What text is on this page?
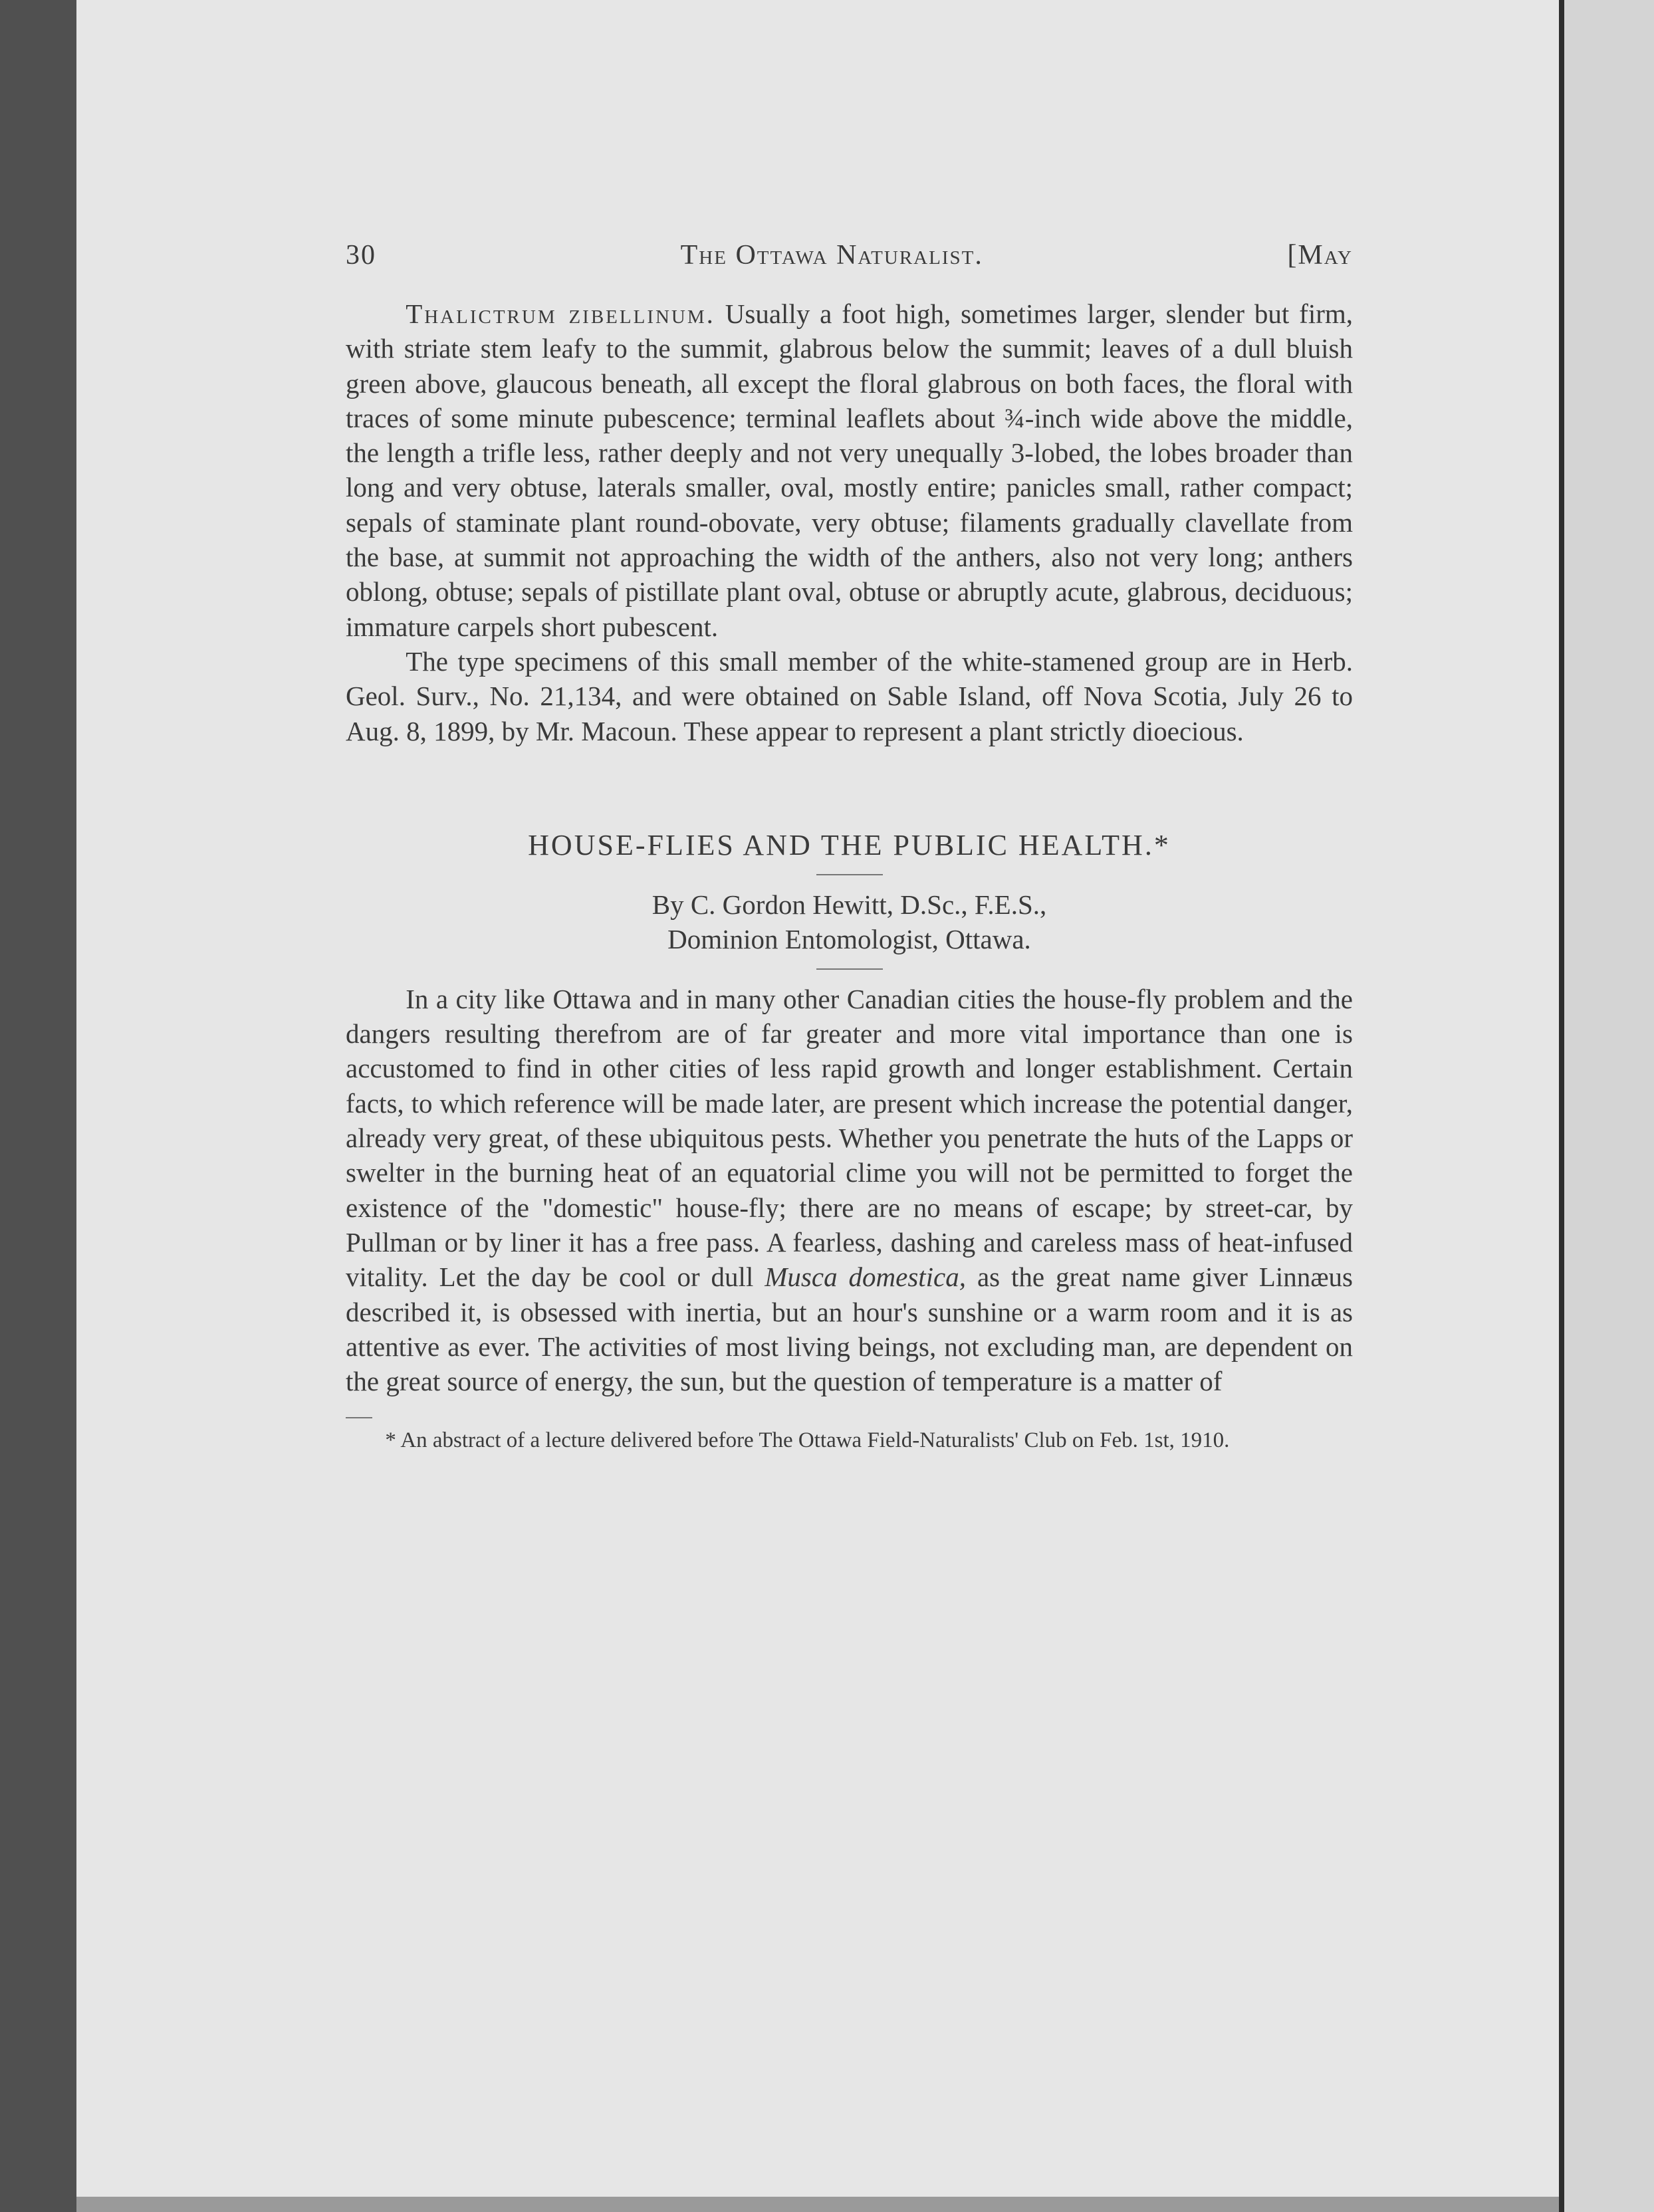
30	The Ottawa Naturalist.	[May

Thalictrum zibellinum. Usually a foot high, sometimes larger, slender but firm, with striate stem leafy to the summit, glabrous below the summit; leaves of a dull bluish green above, glaucous beneath, all except the floral glabrous on both faces, the floral with traces of some minute pubescence; terminal leaflets about ¾-inch wide above the middle, the length a trifle less, rather deeply and not very unequally 3-lobed, the lobes broader than long and very obtuse, laterals smaller, oval, mostly entire; panicles small, rather compact; sepals of staminate plant round-obovate, very obtuse; filaments gradually clavellate from the base, at summit not approaching the width of the anthers, also not very long; anthers oblong, obtuse; sepals of pistillate plant oval, obtuse or abruptly acute, glabrous, deciduous; immature carpels short pubescent.

The type specimens of this small member of the white-stamened group are in Herb. Geol. Surv., No. 21,134, and were obtained on Sable Island, off Nova Scotia, July 26 to Aug. 8, 1899, by Mr. Macoun. These appear to represent a plant strictly dioecious.

HOUSE-FLIES AND THE PUBLIC HEALTH.*
By C. Gordon Hewitt, D.Sc., F.E.S.,
Dominion Entomologist, Ottawa.

In a city like Ottawa and in many other Canadian cities the house-fly problem and the dangers resulting therefrom are of far greater and more vital importance than one is accustomed to find in other cities of less rapid growth and longer establishment. Certain facts, to which reference will be made later, are present which increase the potential danger, already very great, of these ubiquitous pests. Whether you penetrate the huts of the Lapps or swelter in the burning heat of an equatorial clime you will not be permitted to forget the existence of the "domestic" house-fly; there are no means of escape; by street-car, by Pullman or by liner it has a free pass. A fearless, dashing and careless mass of heat-infused vitality. Let the day be cool or dull Musca domestica, as the great name giver Linnæus described it, is obsessed with inertia, but an hour's sunshine or a warm room and it is as attentive as ever. The activities of most living beings, not excluding man, are dependent on the great source of energy, the sun, but the question of temperature is a matter of

* An abstract of a lecture delivered before The Ottawa Field-Naturalists' Club on Feb. 1st, 1910.
